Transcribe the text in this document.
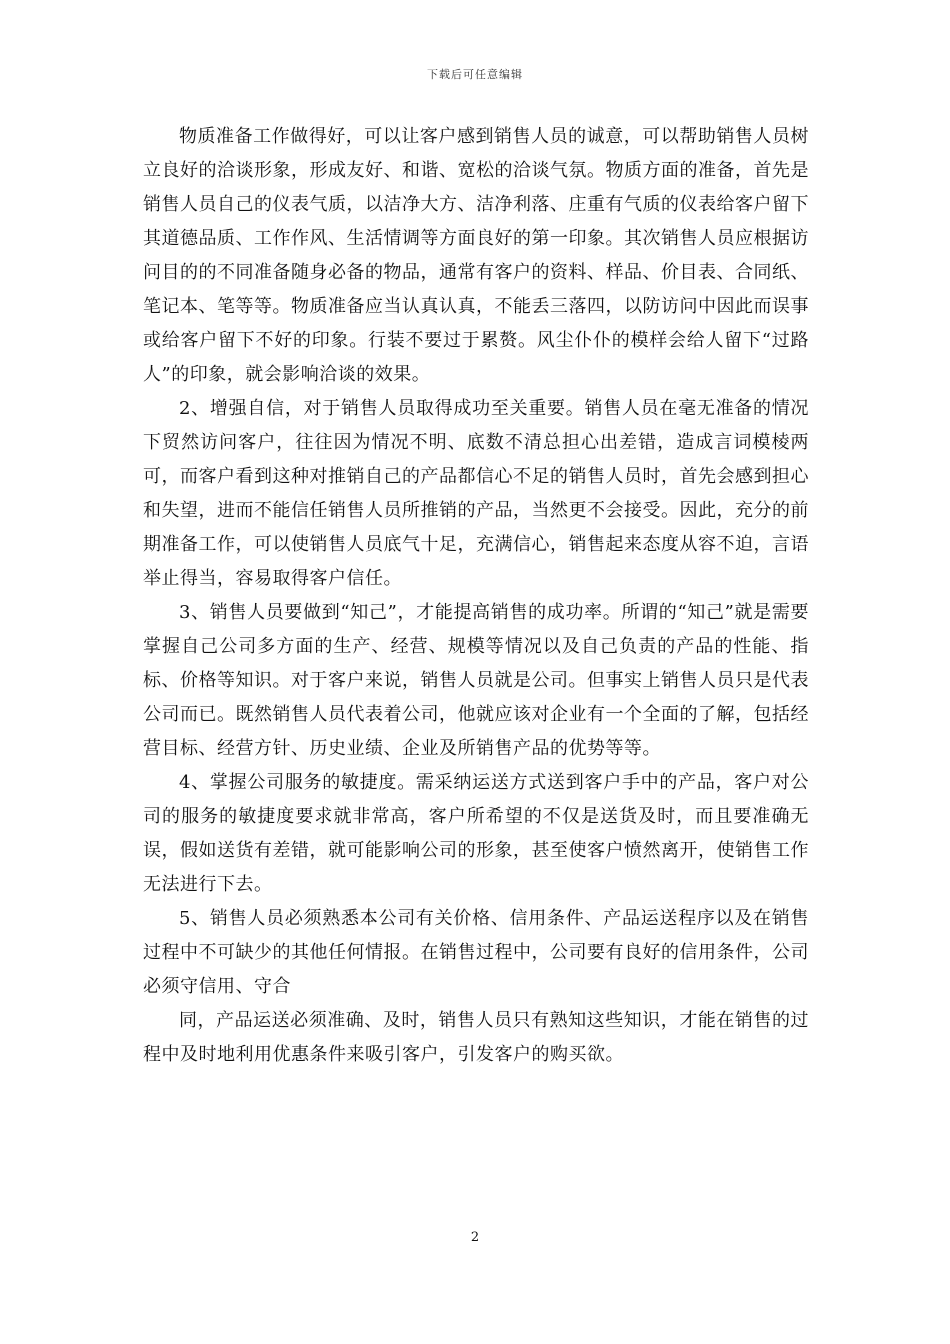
下载后可任意编辑

物质准备工作做得好，可以让客户感到销售人员的诚意，可以帮助销售人员树立良好的洽谈形象，形成友好、和谐、宽松的洽谈气氛。物质方面的准备，首先是销售人员自己的仪表气质，以洁净大方、洁净利落、庄重有气质的仪表给客户留下其道德品质、工作作风、生活情调等方面良好的第一印象。其次销售人员应根据访问目的的不同准备随身必备的物品，通常有客户的资料、样品、价目表、合同纸、笔记本、笔等等。物质准备应当认真认真，不能丢三落四，以防访问中因此而误事或给客户留下不好的印象。行装不要过于累赘。风尘仆仆的模样会给人留下“过路人”的印象，就会影响洽谈的效果。

2、增强自信，对于销售人员取得成功至关重要。销售人员在毫无准备的情况下贸然访问客户，往往因为情况不明、底数不清总担心出差错，造成言词模棱两可，而客户看到这种对推销自己的产品都信心不足的销售人员时，首先会感到担心和失望，进而不能信任销售人员所推销的产品，当然更不会接受。因此，充分的前期准备工作，可以使销售人员底气十足，充满信心，销售起来态度从容不迫，言语举止得当，容易取得客户信任。

3、销售人员要做到“知己”，才能提高销售的成功率。所谓的“知己”就是需要掌握自己公司多方面的生产、经营、规模等情况以及自己负责的产品的性能、指标、价格等知识。对于客户来说，销售人员就是公司。但事实上销售人员只是代表公司而已。既然销售人员代表着公司，他就应该对企业有一个全面的了解，包括经营目标、经营方针、历史业绩、企业及所销售产品的优势等等。

4、掌握公司服务的敏捷度。需采纳运送方式送到客户手中的产品，客户对公司的服务的敏捷度要求就非常高，客户所希望的不仅是送货及时，而且要准确无误，假如送货有差错，就可能影响公司的形象，甚至使客户愤然离开，使销售工作无法进行下去。

5、销售人员必须熟悉本公司有关价格、信用条件、产品运送程序以及在销售过程中不可缺少的其他任何情报。在销售过程中，公司要有良好的信用条件，公司必须守信用、守合

同，产品运送必须准确、及时，销售人员只有熟知这些知识，才能在销售的过程中及时地利用优惠条件来吸引客户，引发客户的购买欲。

2
